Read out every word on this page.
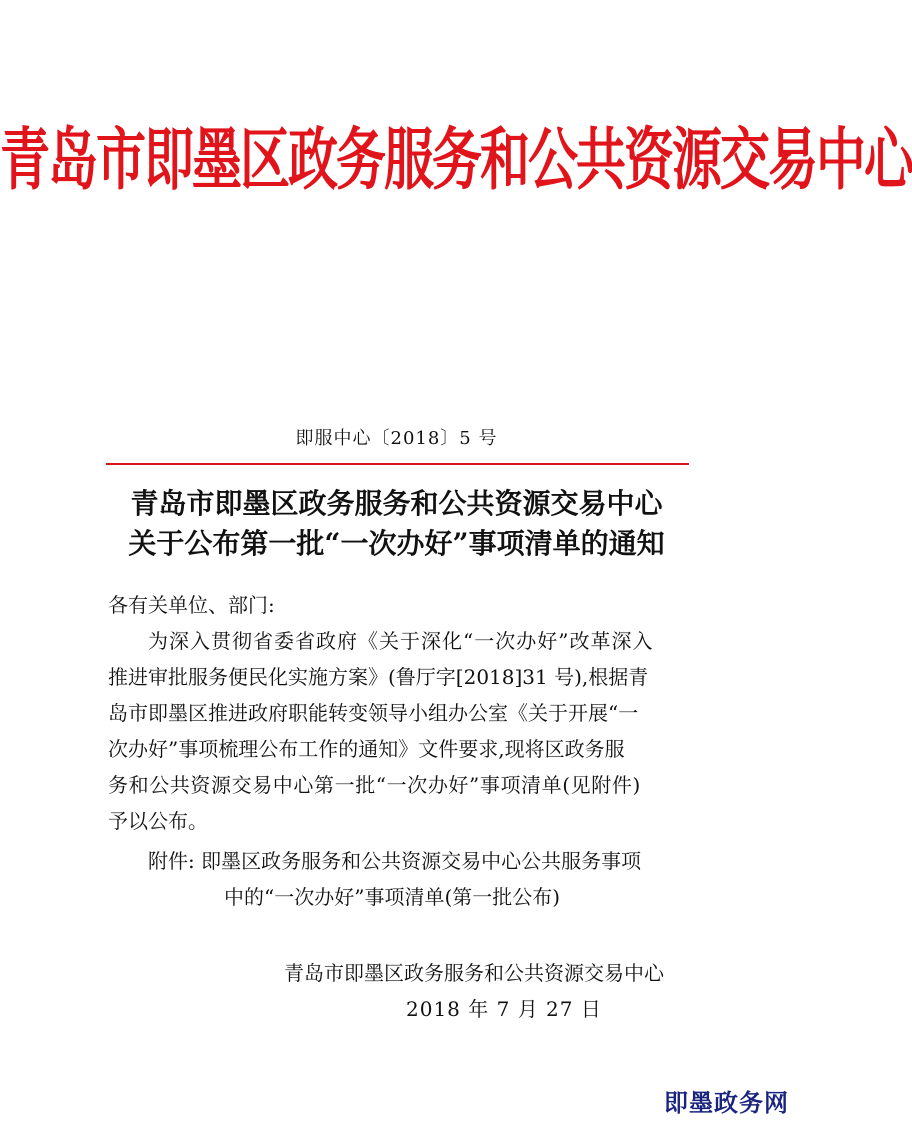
青岛市即墨区政务服务和公共资源交易中心
即服中心〔2018〕5 号
青岛市即墨区政务服务和公共资源交易中心
关于公布第一批“一次办好”事项清单的通知
各有关单位、部门:
为深入贯彻省委省政府《关于深化“一次办好”改革深入
推进审批服务便民化实施方案》(鲁厅字[2018]31 号),根据青
岛市即墨区推进政府职能转变领导小组办公室《关于开展“一
次办好”事项梳理公布工作的通知》文件要求,现将区政务服
务和公共资源交易中心第一批“一次办好”事项清单(见附件)
予以公布。
附件: 即墨区政务服务和公共资源交易中心公共服务事项
中的“一次办好”事项清单(第一批公布)
青岛市即墨区政务服务和公共资源交易中心
2018 年 7 月 27 日
即墨政务网
